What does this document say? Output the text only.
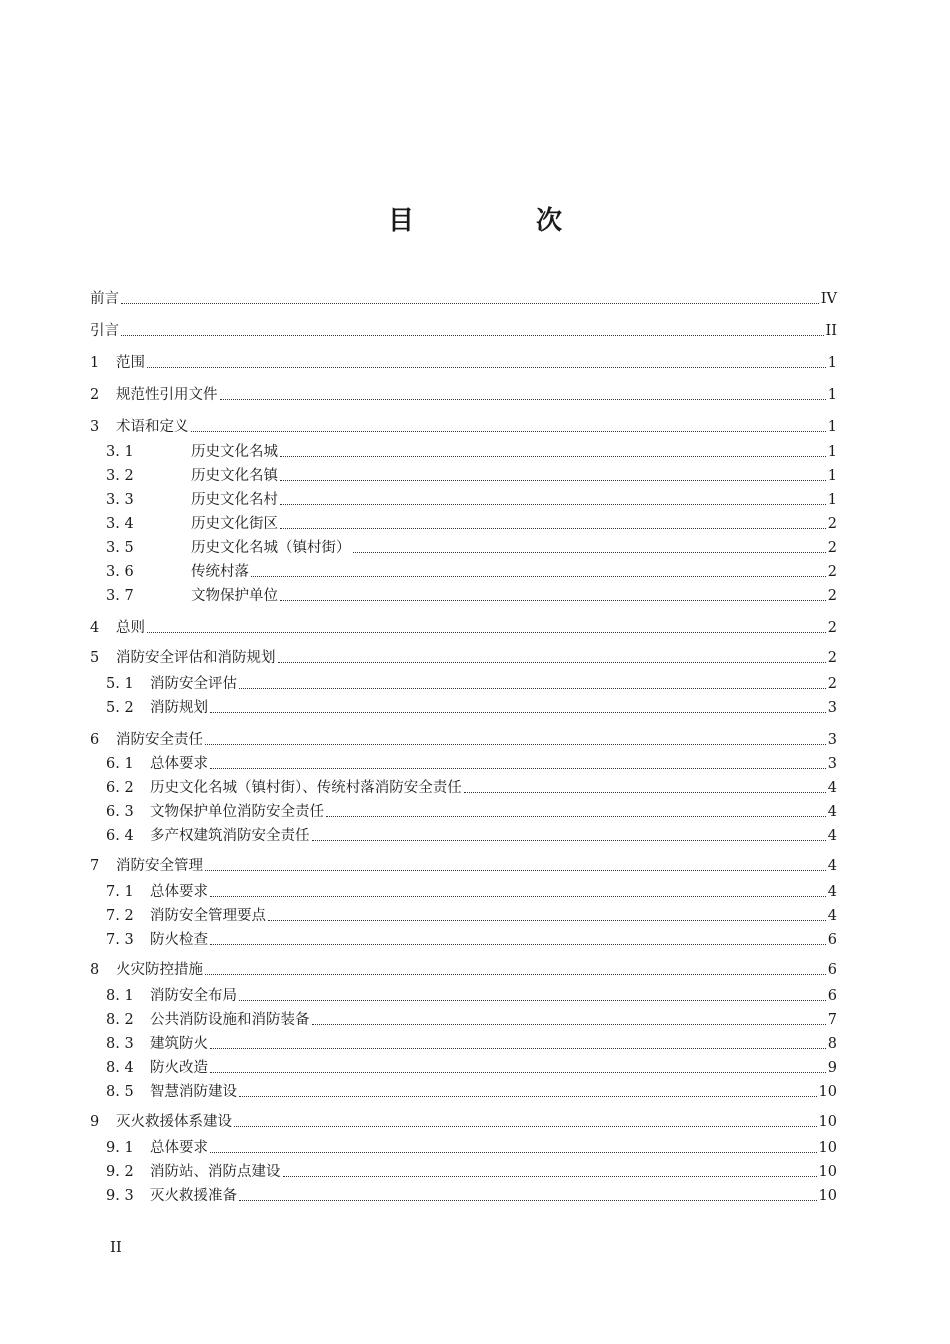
目　次
前言	IV
引言	II
1	范围	1
2	规范性引用文件	1
3	术语和定义	1
3. 1	历史文化名城	1
3. 2	历史文化名镇	1
3. 3	历史文化名村	1
3. 4	历史文化街区	2
3. 5	历史文化名城（镇村街）	2
3. 6	传统村落	2
3. 7	文物保护单位	2
4	总则	2
5	消防安全评估和消防规划	2
5. 1	消防安全评估	2
5. 2	消防规划	3
6	消防安全责任	3
6. 1	总体要求	3
6. 2	历史文化名城（镇村街）、传统村落消防安全责任	4
6. 3	文物保护单位消防安全责任	4
6. 4	多产权建筑消防安全责任	4
7	消防安全管理	4
7. 1	总体要求	4
7. 2	消防安全管理要点	4
7. 3	防火检查	6
8	火灾防控措施	6
8. 1	消防安全布局	6
8. 2	公共消防设施和消防装备	7
8. 3	建筑防火	8
8. 4	防火改造	9
8. 5	智慧消防建设	10
9	灭火救援体系建设	10
9. 1	总体要求	10
9. 2	消防站、消防点建设	10
9. 3	灭火救援准备	10
II
